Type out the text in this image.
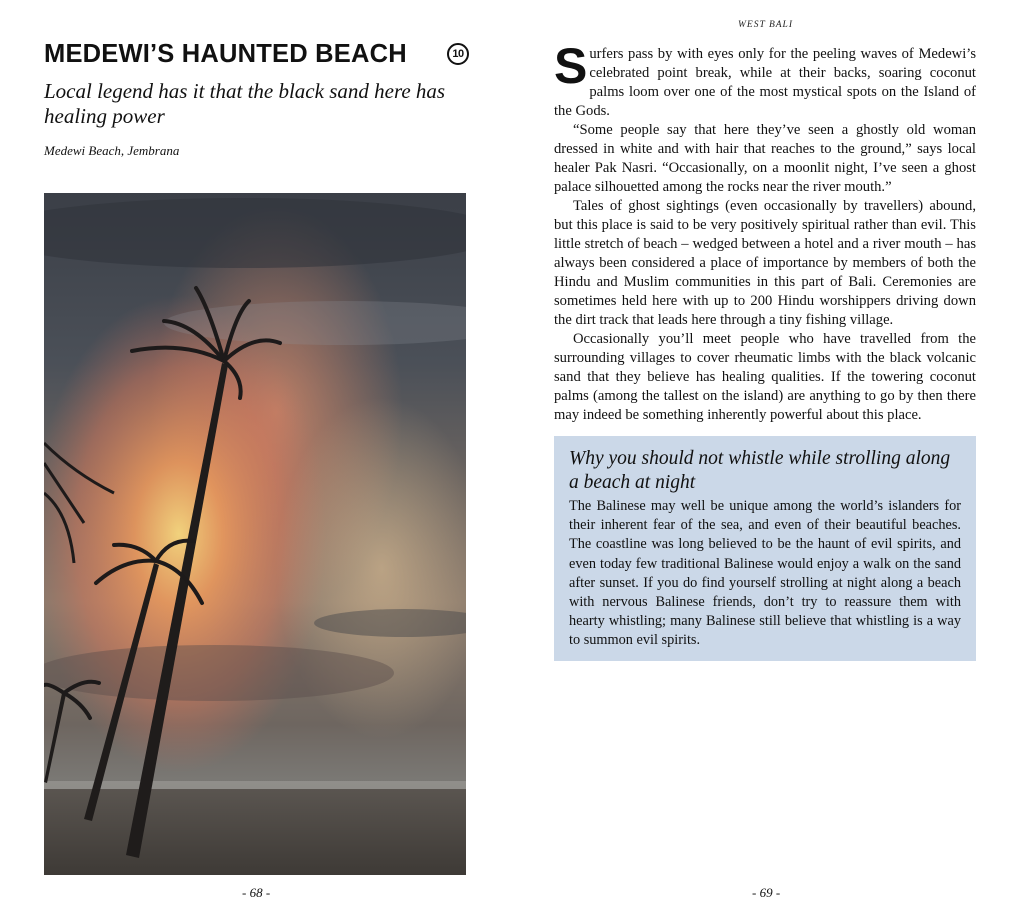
MEDEWI’S HAUNTED BEACH	10
Local legend has it that the black sand here has healing power
Medewi Beach, Jembrana
- 68 -
WEST BALI

Surfers pass by with eyes only for the peeling waves of Medewi’s celebrated point break, while at their backs, soaring coconut palms loom over one of the most mystical spots on the Island of the Gods.

“Some people say that here they’ve seen a ghostly old woman dressed in white and with hair that reaches to the ground,” says local healer Pak Nasri. “Occasionally, on a moonlit night, I’ve seen a ghost palace silhouetted among the rocks near the river mouth.”

Tales of ghost sightings (even occasionally by travellers) abound, but this place is said to be very positively spiritual rather than evil. This little stretch of beach – wedged between a hotel and a river mouth – has always been considered a place of importance by members of both the Hindu and Muslim communities in this part of Bali. Ceremonies are sometimes held here with up to 200 Hindu worshippers driving down the dirt track that leads here through a tiny fishing village.

Occasionally you’ll meet people who have travelled from the surrounding villages to cover rheumatic limbs with the black volcanic sand that they believe has healing qualities. If the towering coconut palms (among the tallest on the island) are anything to go by then there may indeed be something inherently powerful about this place.

Why you should not whistle while strolling along a beach at night

The Balinese may well be unique among the world’s islanders for their inherent fear of the sea, and even of their beautiful beaches. The coastline was long believed to be the haunt of evil spirits, and even today few traditional Balinese would enjoy a walk on the sand after sunset. If you do find yourself strolling at night along a beach with nervous Balinese friends, don’t try to reassure them with hearty whistling; many Balinese still believe that whistling is a way to summon evil spirits.

- 69 -
